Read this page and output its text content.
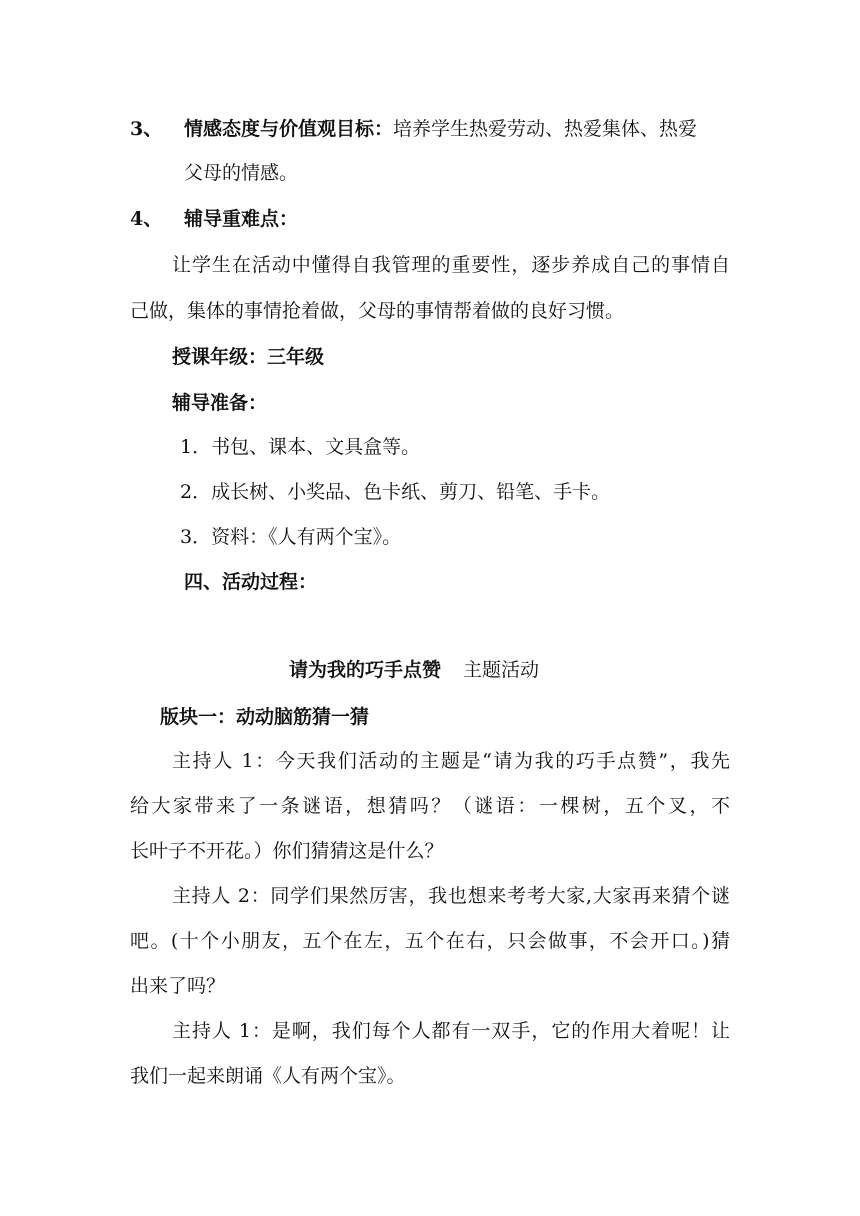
3、 情感态度与价值观目标：培养学生热爱劳动、热爱集体、热爱
父母的情感。
4、 辅导重难点：
让学生在活动中懂得自我管理的重要性，逐步养成自己的事情自
己做，集体的事情抢着做，父母的事情帮着做的良好习惯。
授课年级：三年级
辅导准备：
1．书包、课本、文具盒等。
2．成长树、小奖品、色卡纸、剪刀、铅笔、手卡。
3．资料：《人有两个宝》。
四、活动过程：
请为我的巧手点赞 主题活动
版块一：动动脑筋猜一猜
主持人 1：今天我们活动的主题是“请为我的巧手点赞”，我先
给大家带来了一条谜语，想猜吗？（谜语：一棵树，五个叉，不
长叶子不开花。）你们猜猜这是什么？
主持人 2：同学们果然厉害，我也想来考考大家,大家再来猜个谜
吧。(十个小朋友，五个在左，五个在右，只会做事，不会开口。)猜
出来了吗？
主持人 1：是啊，我们每个人都有一双手，它的作用大着呢！让
我们一起来朗诵《人有两个宝》。
